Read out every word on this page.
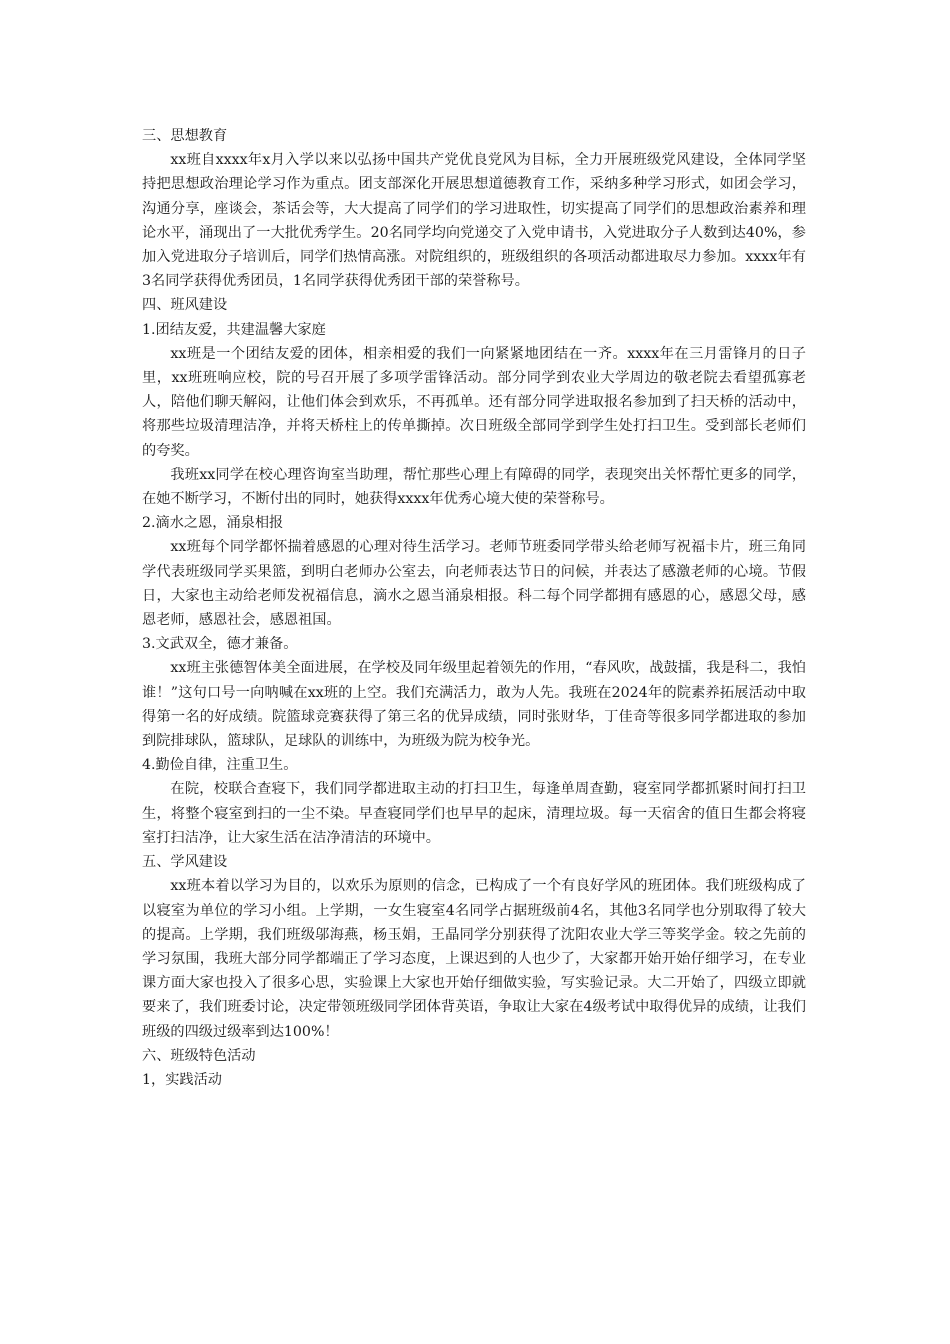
三、思想教育

xx班自xxxx年x月入学以来以弘扬中国共产党优良党风为目标，全力开展班级党风建设，全体同学坚持把思想政治理论学习作为重点。团支部深化开展思想道德教育工作，采纳多种学习形式，如团会学习，沟通分享，座谈会，茶话会等，大大提高了同学们的学习进取性，切实提高了同学们的思想政治素养和理论水平，涌现出了一大批优秀学生。20名同学均向党递交了入党申请书，入党进取分子人数到达40%，参加入党进取分子培训后，同学们热情高涨。对院组织的，班级组织的各项活动都进取尽力参加。xxxx年有3名同学获得优秀团员，1名同学获得优秀团干部的荣誉称号。

四、班风建设

1.团结友爱，共建温馨大家庭

xx班是一个团结友爱的团体，相亲相爱的我们一向紧紧地团结在一齐。xxxx年在三月雷锋月的日子里，xx班班响应校，院的号召开展了多项学雷锋活动。部分同学到农业大学周边的敬老院去看望孤寡老人，陪他们聊天解闷，让他们体会到欢乐，不再孤单。还有部分同学进取报名参加到了扫天桥的活动中，将那些垃圾清理洁净，并将天桥柱上的传单撕掉。次日班级全部同学到学生处打扫卫生。受到部长老师们的夸奖。

我班xx同学在校心理咨询室当助理，帮忙那些心理上有障碍的同学，表现突出关怀帮忙更多的同学，在她不断学习，不断付出的同时，她获得xxxx年优秀心境大使的荣誉称号。

2.滴水之恩，涌泉相报

xx班每个同学都怀揣着感恩的心理对待生活学习。老师节班委同学带头给老师写祝福卡片，班三角同学代表班级同学买果篮，到明白老师办公室去，向老师表达节日的问候，并表达了感激老师的心境。节假日，大家也主动给老师发祝福信息，滴水之恩当涌泉相报。科二每个同学都拥有感恩的心，感恩父母，感恩老师，感恩社会，感恩祖国。

3.文武双全，德才兼备。

xx班主张德智体美全面进展，在学校及同年级里起着领先的作用，“春风吹，战鼓擂，我是科二，我怕谁！”这句口号一向呐喊在xx班的上空。我们充满活力，敢为人先。我班在2024年的院素养拓展活动中取得第一名的好成绩。院篮球竞赛获得了第三名的优异成绩，同时张财华，丁佳奇等很多同学都进取的参加到院排球队，篮球队，足球队的训练中，为班级为院为校争光。

4.勤俭自律，注重卫生。

在院，校联合查寝下，我们同学都进取主动的打扫卫生，每逢单周查勤，寝室同学都抓紧时间打扫卫生，将整个寝室到扫的一尘不染。早查寝同学们也早早的起床，清理垃圾。每一天宿舍的值日生都会将寝室打扫洁净，让大家生活在洁净清洁的环境中。

五、学风建设

xx班本着以学习为目的，以欢乐为原则的信念，已构成了一个有良好学风的班团体。我们班级构成了以寝室为单位的学习小组。上学期，一女生寝室4名同学占据班级前4名，其他3名同学也分别取得了较大的提高。上学期，我们班级邬海燕，杨玉娟，王晶同学分别获得了沈阳农业大学三等奖学金。较之先前的学习氛围，我班大部分同学都端正了学习态度，上课迟到的人也少了，大家都开始开始仔细学习，在专业课方面大家也投入了很多心思，实验课上大家也开始仔细做实验，写实验记录。大二开始了，四级立即就要来了，我们班委讨论，决定带领班级同学团体背英语，争取让大家在4级考试中取得优异的成绩，让我们班级的四级过级率到达100%！

六、班级特色活动

1，实践活动
